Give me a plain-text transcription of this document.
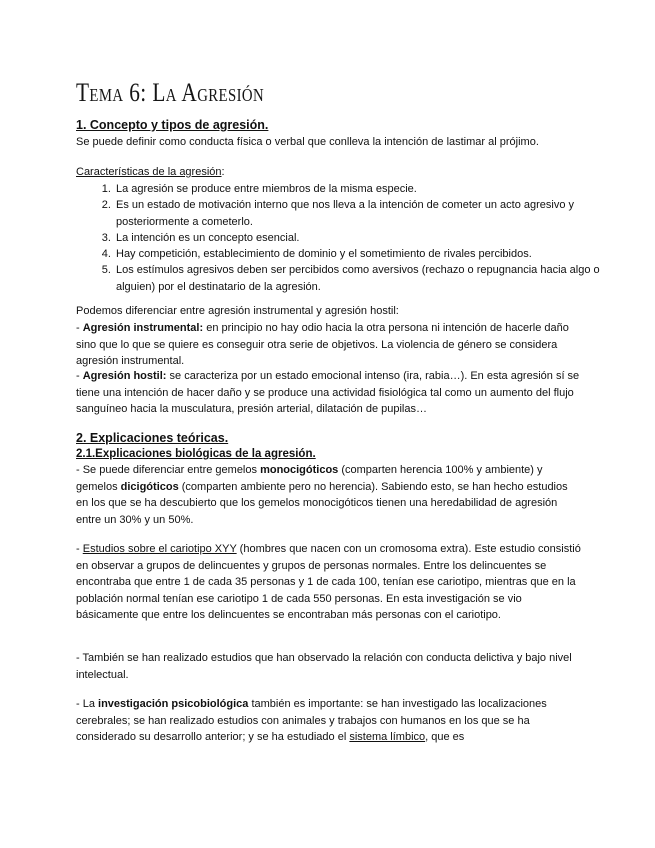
Tema 6: La Agresión
1. Concepto y tipos de agresión.
Se puede definir como conducta física o verbal que conlleva la intención de lastimar al prójimo.
Características de la agresión:
1. La agresión se produce entre miembros de la misma especie.
2. Es un estado de motivación interno que nos lleva a la intención de cometer un acto agresivo y posteriormente a cometerlo.
3. La intención es un concepto esencial.
4. Hay competición, establecimiento de dominio y el sometimiento de rivales percibidos.
5. Los estímulos agresivos deben ser percibidos como aversivos (rechazo o repugnancia hacia algo o alguien) por el destinatario de la agresión.
Podemos diferenciar entre agresión instrumental y agresión hostil:
- Agresión instrumental: en principio no hay odio hacia la otra persona ni intención de hacerle daño sino que lo que se quiere es conseguir otra serie de objetivos. La violencia de género se considera agresión instrumental.
- Agresión hostil: se caracteriza por un estado emocional intenso (ira, rabia…). En esta agresión sí se tiene una intención de hacer daño y se produce una actividad fisiológica tal como un aumento del flujo sanguíneo hacia la musculatura, presión arterial, dilatación de pupilas…
2. Explicaciones teóricas.
2.1.Explicaciones biológicas de la agresión.
- Se puede diferenciar entre gemelos monocigóticos (comparten herencia 100% y ambiente) y gemelos dicigóticos (comparten ambiente pero no herencia). Sabiendo esto, se han hecho estudios en los que se ha descubierto que los gemelos monocigóticos tienen una heredabilidad de agresión entre un 30% y un 50%.
- Estudios sobre el cariotipo XYY (hombres que nacen con un cromosoma extra). Este estudio consistió en observar a grupos de delincuentes y grupos de personas normales. Entre los delincuentes se encontraba que entre 1 de cada 35 personas y 1 de cada 100, tenían ese cariotipo, mientras que en la población normal tenían ese cariotipo 1 de cada 550 personas. En esta investigación se vio básicamente que entre los delincuentes se encontraban más personas con el cariotipo.
- También se han realizado estudios que han observado la relación con conducta delictiva y bajo nivel intelectual.
- La investigación psicobiológica también es importante: se han investigado las localizaciones cerebrales; se han realizado estudios con animales y trabajos con humanos en los que se ha considerado su desarrollo anterior; y se ha estudiado el sistema límbico, que es
